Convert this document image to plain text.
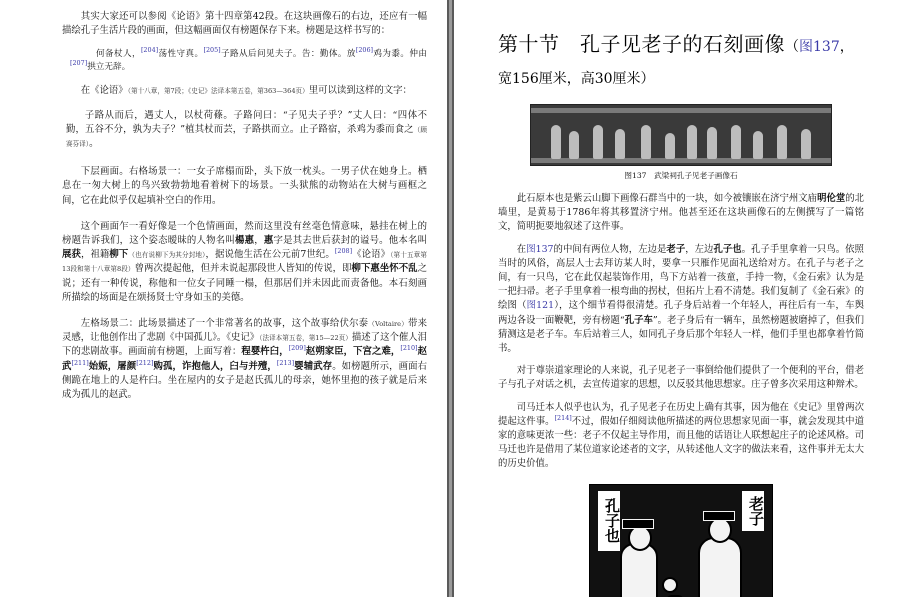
其实大家还可以参阅《论语》第十四章第42段。在这块画像石的右边，还应有一幅描绘孔子生活片段的画面，但这幅画面仅有榜题保存下来。榜题是这样书写的：

何备杖人，[204]荡性守真。[205]子路从后问见夫子。告：勤体。放[206]鸡为黍。仲由[207]拱立无辞。

在《论语》（第十八章，第7段；《史记》法译本第五卷，第363—364页）里可以读到这样的文字：

子路从而后，遇丈人，以杖荷蓧。子路问曰：“子见夫子乎？”丈人曰：“四体不勤，五谷不分，孰为夫子？”植其杖而芸，子路拱而立。止子路宿，杀鸡为黍而食之（顾赛芬译）。

下层画面。右格场景一：一女子席榻而卧，头下放一枕头。一男子伏在她身上。栖息在一匆大树上的鸟兴致勃勃地看着树下的场景。一头狱熊的动物站在大树与画框之间，它在此似乎仅起填补空白的作用。

这个画面乍一看好像是一个色情画面，然而这里没有丝毫色情意味，悬挂在树上的榜题告诉我们，这个姿态暧昧的人物名叫楊惠，惠字是其去世后获封的谥号。他本名叫展获，祖籍柳下（也有说柳下为其分封地），据说他生活在公元前7世纪。[208]《论语》（第十五章第13段和第十八章第8段）曾两次提起他，但并未说起那段世人皆知的传说，即柳下惠坐怀不乱之说；还有一种传说，称他和一位女子同睡一榻，但那居们并未因此而责备他。本石刻画所描绘的场面是在颂扬贤士守身如玉的美德。

左格场景二：此场景描述了一个非常著名的故事，这个故事给伏尔泰（Voltaire）带来灵感，让他创作出了悲剧《中国孤儿》。《史记》（法译本第五卷，第15—22页）描述了这个催人泪下的悲剧故事。画面前有榜题，上面写着：程婴杵臼，[209]赵朔家臣，下宫之难，[210]赵武[211]始娠，屠颜[212]购孤，诈抱他人，臼与并殪，[213]婴辅武存。如榜题所示，画面右侧跪在地上的人是杵臼。坐在屋内的女子是赵氏孤儿的母亲，她怀里抱的孩子就是后来成为孤儿的赵武。

第十节　孔子见老子的石刻画像（图137，宽156厘米，高30厘米）

图137　武梁祠孔子见老子画像石

此石原本也是紫云山脚下画像石群当中的一块，如今被镶嵌在济宁州文庙明伦堂的北墙里，是黄易于1786年将其移置济宁州。他甚至还在这块画像石的左侧撰写了一篇铭文，简明扼要地叙述了这件事。

在图137的中间有两位人物，左边是老子，左边孔子也。孔子手里拿着一只鸟。依照当时的风俗，高层人士去拜访某人时，要拿一只雁作见面礼送给对方。在孔子与老子之间，有一只鸟，它在此仅起装饰作用，鸟下方站着一孩童，手持一物，《金石索》认为是一把扫帚。老子手里拿着一根弯曲的拐杖，但拓片上看不清楚。我们复制了《金石索》的绘图（图121），这个细节看得很清楚。孔子身后站着一个年轻人，再往后有一车，车舆两边各设一面鞭靶，旁有榜题“孔子车”。老子身后有一辆车，虽然榜题被磨掉了，但我们猜测这是老子车。车后站着三人，如同孔子身后那个年轻人一样，他们手里也都拿着竹简书。

对于尊崇道家理论的人来说，孔子见老子一事倒给他们提供了一个便利的平台，借老子与孔子对话之机，去宣传道家的思想，以反驳其他思想家。庄子曾多次采用这种辩术。

司马迁本人似乎也认为，孔子见老子在历史上确有其事，因为他在《史记》里曾两次提起这件事。[214]不过，假如仔细阅读他所描述的两位思想家见面一事，就会发现其中道家的意味更浓一些：老子不仅起主导作用，而且他的话语让人联想起庄子的论述风格。司马迁也许是借用了某位道家论述者的文字，从转述他人文字的做法来看，这件事并无太大的历史价值。

孔子也	老子
